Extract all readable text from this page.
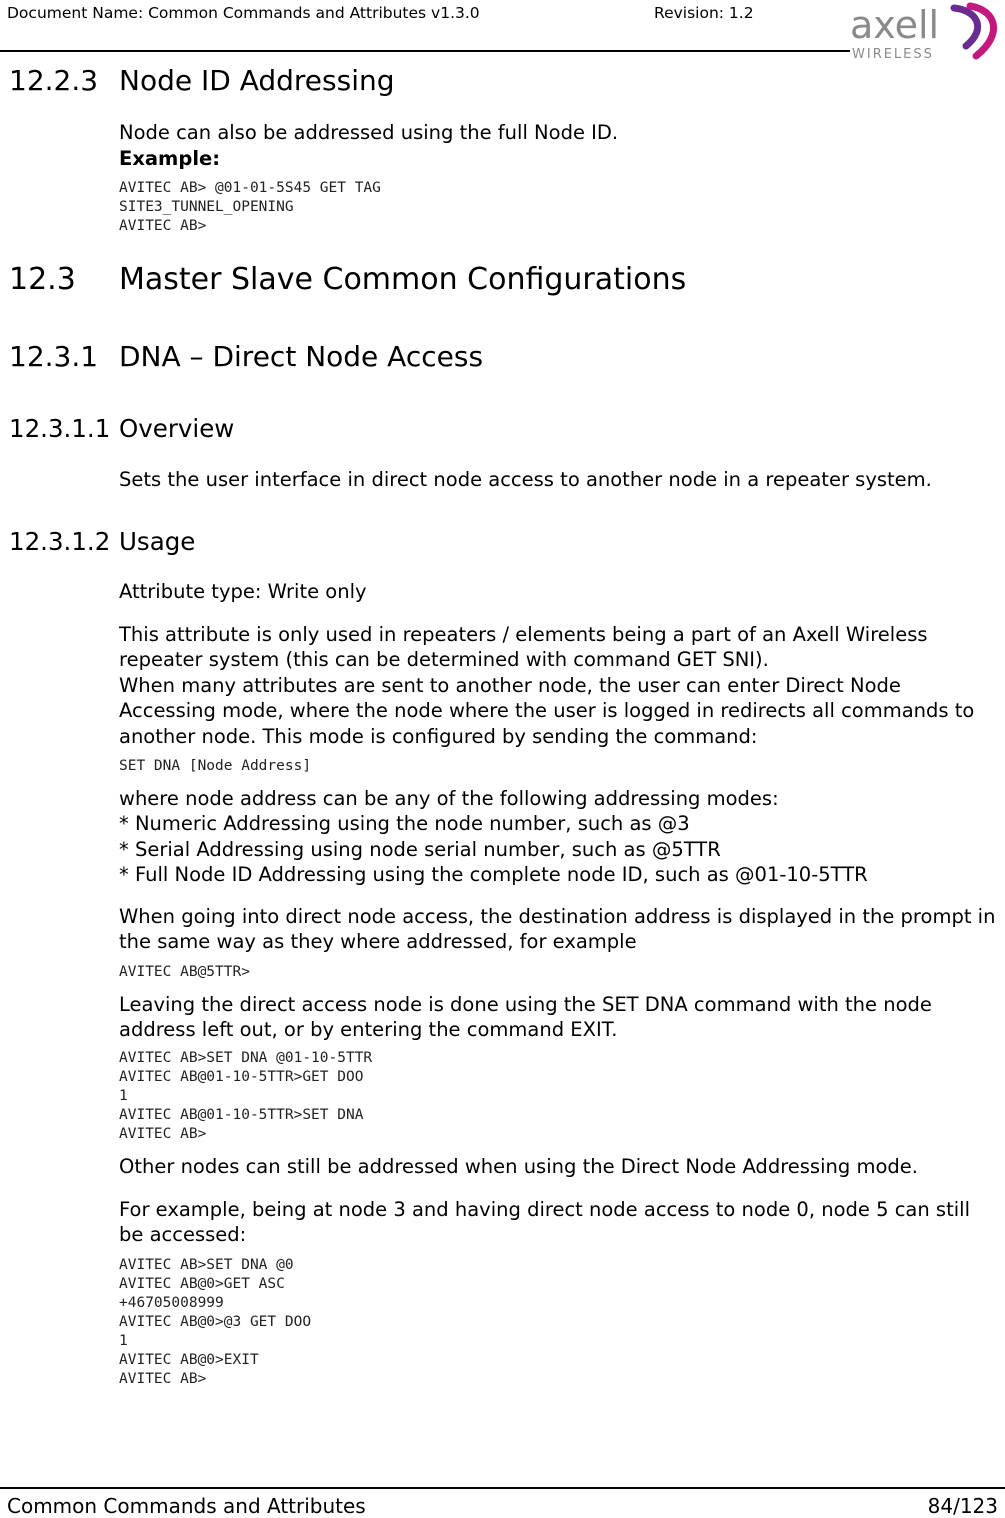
Document Name: Common Commands and Attributes v1.3.0	Revision: 1.2	axell
WIRELESS
12.2.3 Node ID Addressing
Node can also be addressed using the full Node ID.
Example:
AVITEC AB> @01-01-5S45 GET TAG
SITE3_TUNNEL_OPENING
AVITEC AB>
12.3 Master Slave Common Configurations
12.3.1 DNA – Direct Node Access
12.3.1.1 Overview
Sets the user interface in direct node access to another node in a repeater system.
12.3.1.2 Usage
Attribute type: Write only
This attribute is only used in repeaters / elements being a part of an Axell Wireless repeater system (this can be determined with command GET SNI).
When many attributes are sent to another node, the user can enter Direct Node Accessing mode, where the node where the user is logged in redirects all commands to another node. This mode is configured by sending the command:
SET DNA [Node Address]
where node address can be any of the following addressing modes:
* Numeric Addressing using the node number, such as @3
* Serial Addressing using node serial number, such as @5TTR
* Full Node ID Addressing using the complete node ID, such as @01-10-5TTR
When going into direct node access, the destination address is displayed in the prompt in the same way as they where addressed, for example
AVITEC AB@5TTR>
Leaving the direct access node is done using the SET DNA command with the node address left out, or by entering the command EXIT.
AVITEC AB>SET DNA @01-10-5TTR
AVITEC AB@01-10-5TTR>GET DOO
1
AVITEC AB@01-10-5TTR>SET DNA
AVITEC AB>
Other nodes can still be addressed when using the Direct Node Addressing mode.
For example, being at node 3 and having direct node access to node 0, node 5 can still be accessed:
AVITEC AB>SET DNA @0
AVITEC AB@0>GET ASC
+46705008999
AVITEC AB@0>@3 GET DOO
1
AVITEC AB@0>EXIT
AVITEC AB>
Common Commands and Attributes	84/123
